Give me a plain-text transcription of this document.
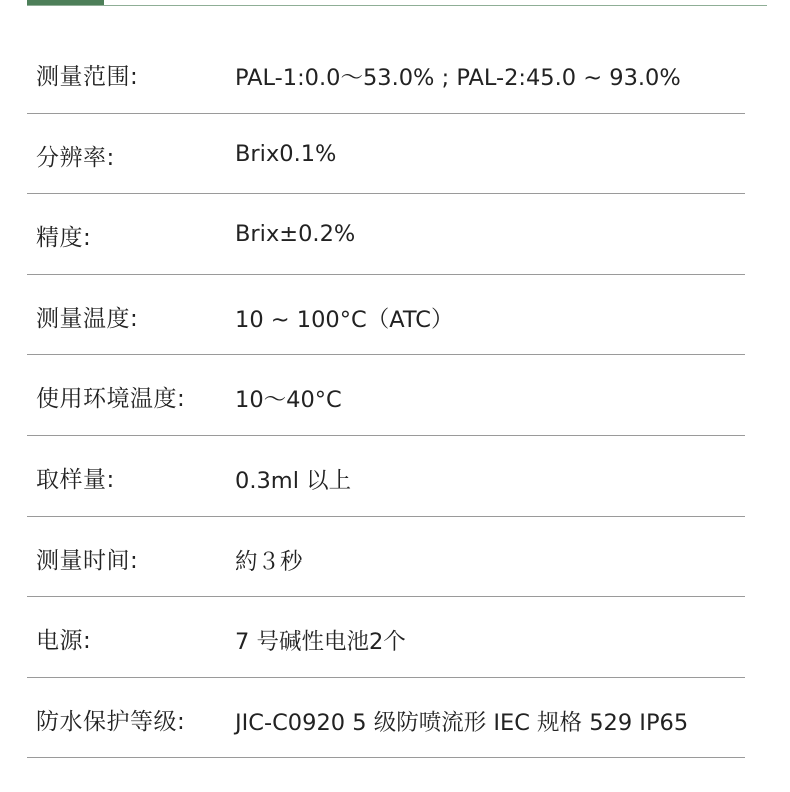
测量范围:	PAL-1:0.0～53.0% ; PAL-2:45.0 ~ 93.0%
分辨率:	Brix0.1%
精度:	Brix±0.2%
测量温度:	10 ~ 100°C（ATC）
使用环境温度: 10～40°C
取样量:	0.3ml 以上
测量时间:	約３秒
电源:	7 号碱性电池2个
防水保护等级: JIC-C0920 5 级防喷流形 IEC 规格 529 IP65
